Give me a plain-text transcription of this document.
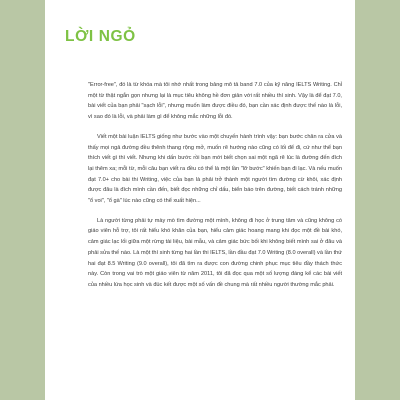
LỜI NGỎ

"Error-free", đó là từ khóa mà tôi nhớ nhất trong bảng mô tả band 7.0 của kỹ năng IELTS Writing. Chỉ một từ thật ngắn gọn nhưng lại là mục tiêu không hề đơn giản với rất nhiều thí sinh. Vậy là để đạt 7.0, bài viết của bạn phải "sạch lỗi", nhưng muốn làm được điều đó, bạn cần xác định được thế nào là lỗi, vì sao đó là lỗi, và phải làm gì để không mắc những lỗi đó.

Viết một bài luận IELTS giống như bước vào một chuyến hành trình vậy: bạn bước chân ra cửa và thấy mọi ngả đường đều thênh thang rộng mở, muốn rẽ hướng nào cũng có lối để đi, cứ như thể bạn thích viết gì thì viết. Nhưng khi dấn bước rồi bạn mới biết chọn sai một ngã rẽ lúc là đường đến đích lại thêm xa; mỗi từ, mỗi câu bạn viết ra đều có thể là một lần "lỡ bước" khiến bạn đi lạc. Và nếu muốn đạt 7.0+ cho bài thi Writing, việc của bạn là phải trở thành một người tìm đường cừ khôi, xác định được đâu là đích mình cần đến, biết đọc những chỉ dấu, biển báo trên đường, biết cách tránh những "ổ voi", "ổ gà" lúc nào cũng có thể xuất hiện...

Là người từng phải tự mày mò tìm đường một mình, không đi học ở trung tâm và cũng không có giáo viên hỗ trợ, tôi rất hiểu khó khăn của bạn, hiểu cảm giác hoang mang khi đọc một đề bài khó, cảm giác lạc lối giữa một rừng tài liệu, bài mẫu, và cảm giác bức bối khi không biết mình sai ở đâu và phải sửa thế nào. Là một thí sinh từng hai lần thi IELTS, lần đầu đạt 7.0 Writing (8.0 overall) và lần thứ hai đạt 8.5 Writing (9.0 overall), tôi đã tìm ra được con đường chinh phục mục tiêu đầy thách thức này. Còn trong vai trò một giáo viên từ năm 2011, tôi đã đọc qua một số lượng đáng kể các bài viết của nhiều lứa học sinh và đúc kết được một số vấn đề chung mà rất nhiều người thường mắc phải.
